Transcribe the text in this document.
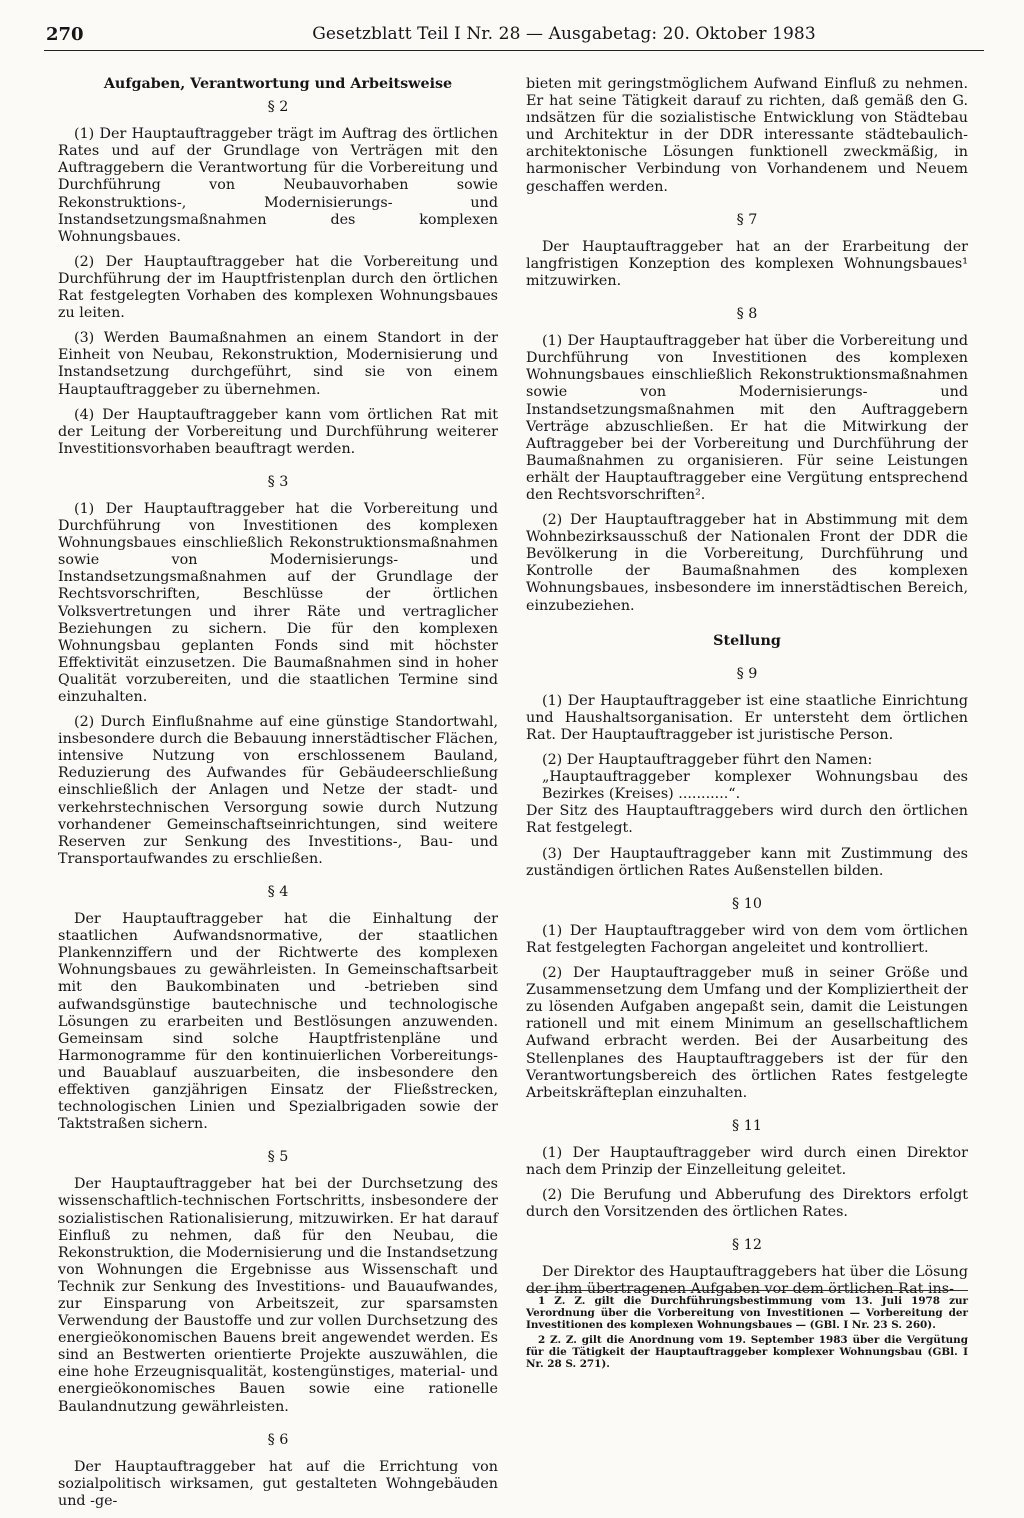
270	Gesetzblatt Teil I Nr. 28 — Ausgabetag: 20. Oktober 1983

Aufgaben, Verantwortung und Arbeitsweise

§ 2

(1) Der Hauptauftraggeber trägt im Auftrag des örtlichen Rates und auf der Grundlage von Verträgen mit den Auftraggebern die Verantwortung für die Vorbereitung und Durchführung von Neubauvorhaben sowie Rekonstruktions-, Modernisierungs- und Instandsetzungsmaßnahmen des komplexen Wohnungsbaues.

(2) Der Hauptauftraggeber hat die Vorbereitung und Durchführung der im Hauptfristenplan durch den örtlichen Rat festgelegten Vorhaben des komplexen Wohnungsbaues zu leiten.

(3) Werden Baumaßnahmen an einem Standort in der Einheit von Neubau, Rekonstruktion, Modernisierung und Instandsetzung durchgeführt, sind sie von einem Hauptauftraggeber zu übernehmen.

(4) Der Hauptauftraggeber kann vom örtlichen Rat mit der Leitung der Vorbereitung und Durchführung weiterer Investitionsvorhaben beauftragt werden.

§ 3

(1) Der Hauptauftraggeber hat die Vorbereitung und Durchführung von Investitionen des komplexen Wohnungsbaues einschließlich Rekonstruktionsmaßnahmen sowie von Modernisierungs- und Instandsetzungsmaßnahmen auf der Grundlage der Rechtsvorschriften, Beschlüsse der örtlichen Volksvertretungen und ihrer Räte und vertraglicher Beziehungen zu sichern. Die für den komplexen Wohnungsbau geplanten Fonds sind mit höchster Effektivität einzusetzen. Die Baumaßnahmen sind in hoher Qualität vorzubereiten, und die staatlichen Termine sind einzuhalten.

(2) Durch Einflußnahme auf eine günstige Standortwahl, insbesondere durch die Bebauung innerstädtischer Flächen, intensive Nutzung von erschlossenem Bauland, Reduzierung des Aufwandes für Gebäudeerschließung einschließlich der Anlagen und Netze der stadt- und verkehrstechnischen Versorgung sowie durch Nutzung vorhandener Gemeinschaftseinrichtungen, sind weitere Reserven zur Senkung des Investitions-, Bau- und Transportaufwandes zu erschließen.

§ 4

Der Hauptauftraggeber hat die Einhaltung der staatlichen Aufwandsnormative, der staatlichen Plankennziffern und der Richtwerte des komplexen Wohnungsbaues zu gewährleisten. In Gemeinschaftsarbeit mit den Baukombinaten und -betrieben sind aufwandsgünstige bautechnische und technologische Lösungen zu erarbeiten und Bestlösungen anzuwenden. Gemeinsam sind solche Hauptfristenpläne und Harmonogramme für den kontinuierlichen Vorbereitungs- und Bauablauf auszuarbeiten, die insbesondere den effektiven ganzjährigen Einsatz der Fließstrecken, technologischen Linien und Spezialbrigaden sowie der Taktstraßen sichern.

§ 5

Der Hauptauftraggeber hat bei der Durchsetzung des wissenschaftlich-technischen Fortschritts, insbesondere der sozialistischen Rationalisierung, mitzuwirken. Er hat darauf Einfluß zu nehmen, daß für den Neubau, die Rekonstruktion, die Modernisierung und die Instandsetzung von Wohnungen die Ergebnisse aus Wissenschaft und Technik zur Senkung des Investitions- und Bauaufwandes, zur Einsparung von Arbeitszeit, zur sparsamsten Verwendung der Baustoffe und zur vollen Durchsetzung des energieökonomischen Bauens breit angewendet werden. Es sind an Bestwerten orientierte Projekte auszuwählen, die eine hohe Erzeugnisqualität, kostengünstiges, material- und energieökonomisches Bauen sowie eine rationelle Baulandnutzung gewährleisten.

§ 6

Der Hauptauftraggeber hat auf die Errichtung von sozialpolitisch wirksamen, gut gestalteten Wohngebäuden und -ge-

bieten mit geringstmöglichem Aufwand Einfluß zu nehmen. Er hat seine Tätigkeit darauf zu richten, daß gemäß den G. ındsätzen für die sozialistische Entwicklung von Städtebau und Architektur in der DDR interessante städtebaulich-architektonische Lösungen funktionell zweckmäßig, in harmonischer Verbindung von Vorhandenem und Neuem geschaffen werden.

§ 7

Der Hauptauftraggeber hat an der Erarbeitung der langfristigen Konzeption des komplexen Wohnungsbaues¹ mitzuwirken.

§ 8

(1) Der Hauptauftraggeber hat über die Vorbereitung und Durchführung von Investitionen des komplexen Wohnungsbaues einschließlich Rekonstruktionsmaßnahmen sowie von Modernisierungs- und Instandsetzungsmaßnahmen mit den Auftraggebern Verträge abzuschließen. Er hat die Mitwirkung der Auftraggeber bei der Vorbereitung und Durchführung der Baumaßnahmen zu organisieren. Für seine Leistungen erhält der Hauptauftraggeber eine Vergütung entsprechend den Rechtsvorschriften².

(2) Der Hauptauftraggeber hat in Abstimmung mit dem Wohnbezirksausschuß der Nationalen Front der DDR die Bevölkerung in die Vorbereitung, Durchführung und Kontrolle der Baumaßnahmen des komplexen Wohnungsbaues, insbesondere im innerstädtischen Bereich, einzubeziehen.

Stellung

§ 9

(1) Der Hauptauftraggeber ist eine staatliche Einrichtung und Haushaltsorganisation. Er untersteht dem örtlichen Rat. Der Hauptauftraggeber ist juristische Person.

(2) Der Hauptauftraggeber führt den Namen:

„Hauptauftraggeber komplexer Wohnungsbau des Bezirkes (Kreises) ...........“.

Der Sitz des Hauptauftraggebers wird durch den örtlichen Rat festgelegt.

(3) Der Hauptauftraggeber kann mit Zustimmung des zuständigen örtlichen Rates Außenstellen bilden.

§ 10

(1) Der Hauptauftraggeber wird von dem vom örtlichen Rat festgelegten Fachorgan angeleitet und kontrolliert.

(2) Der Hauptauftraggeber muß in seiner Größe und Zusammensetzung dem Umfang und der Kompliziertheit der zu lösenden Aufgaben angepaßt sein, damit die Leistungen rationell und mit einem Minimum an gesellschaftlichem Aufwand erbracht werden. Bei der Ausarbeitung des Stellenplanes des Hauptauftraggebers ist der für den Verantwortungsbereich des örtlichen Rates festgelegte Arbeitskräfteplan einzuhalten.

§ 11

(1) Der Hauptauftraggeber wird durch einen Direktor nach dem Prinzip der Einzelleitung geleitet.

(2) Die Berufung und Abberufung des Direktors erfolgt durch den Vorsitzenden des örtlichen Rates.

§ 12

Der Direktor des Hauptauftraggebers hat über die Lösung der ihm übertragenen Aufgaben vor dem örtlichen Rat ins-

1 Z. Z. gilt die Durchführungsbestimmung vom 13. Juli 1978 zur Verordnung über die Vorbereitung von Investitionen — Vorbereitung der Investitionen des komplexen Wohnungsbaues — (GBl. I Nr. 23 S. 260).

2 Z. Z. gilt die Anordnung vom 19. September 1983 über die Vergütung für die Tätigkeit der Hauptauftraggeber komplexer Wohnungsbau (GBl. I Nr. 28 S. 271).
